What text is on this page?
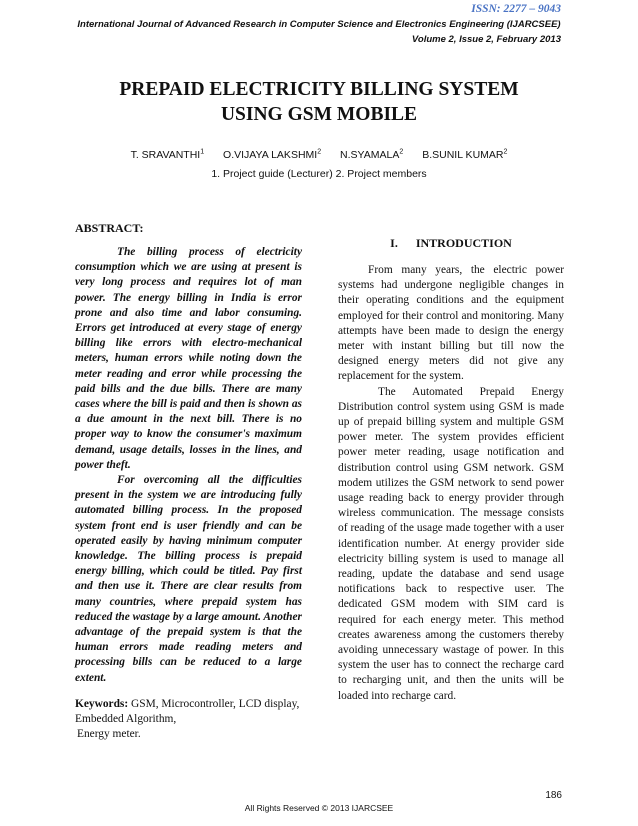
ISSN: 2277 – 9043
International Journal of Advanced Research in Computer Science and Electronics Engineering (IJARCSEE)
Volume 2, Issue 2, February 2013
PREPAID ELECTRICITY BILLING SYSTEM
USING GSM MOBILE
T. SRAVANTHI$^1$ O.VIJAYA LAKSHMI$^2$ N.SYAMALA$^2$ B.SUNIL KUMAR$^2$
1. Project guide (Lecturer) 2. Project members
ABSTRACT:

The billing process of electricity consumption which we are using at present is very long process and requires lot of man power. The energy billing in India is error prone and also time and labor consuming. Errors get introduced at every stage of energy billing like errors with electro-mechanical meters, human errors while noting down the meter reading and error while processing the paid bills and the due bills. There are many cases where the bill is paid and then is shown as a due amount in the next bill. There is no proper way to know the consumer's maximum demand, usage details, losses in the lines, and power theft.

For overcoming all the difficulties present in the system we are introducing fully automated billing process. In the proposed system front end is user friendly and can be operated easily by having minimum computer knowledge. The billing process is prepaid energy billing, which could be titled. Pay first and then use it. There are clear results from many countries, where prepaid system has reduced the wastage by a large amount. Another advantage of the prepaid system is that the human errors made reading meters and processing bills can be reduced to a large extent.

Keywords: GSM, Microcontroller, LCD display, Embedded Algorithm,
Energy meter.
I. INTRODUCTION

From many years, the electric power systems had undergone negligible changes in their operating conditions and the equipment employed for their control and monitoring. Many attempts have been made to design the energy meter with instant billing but till now the designed energy meters did not give any replacement for the system.

The Automated Prepaid Energy Distribution control system using GSM is made up of prepaid billing system and multiple GSM power meter. The system provides efficient power meter reading, usage notification and distribution control using GSM network. GSM modem utilizes the GSM network to send power usage reading back to energy provider through wireless communication. The message consists of reading of the usage made together with a user identification number. At energy provider side electricity billing system is used to manage all reading, update the database and send usage notifications back to respective user. The dedicated GSM modem with SIM card is required for each energy meter. This method creates awareness among the customers thereby avoiding unnecessary wastage of power. In this system the user has to connect the recharge card to recharging unit, and then the units will be loaded into recharge card.

186
All Rights Reserved © 2013 IJARCSEE
